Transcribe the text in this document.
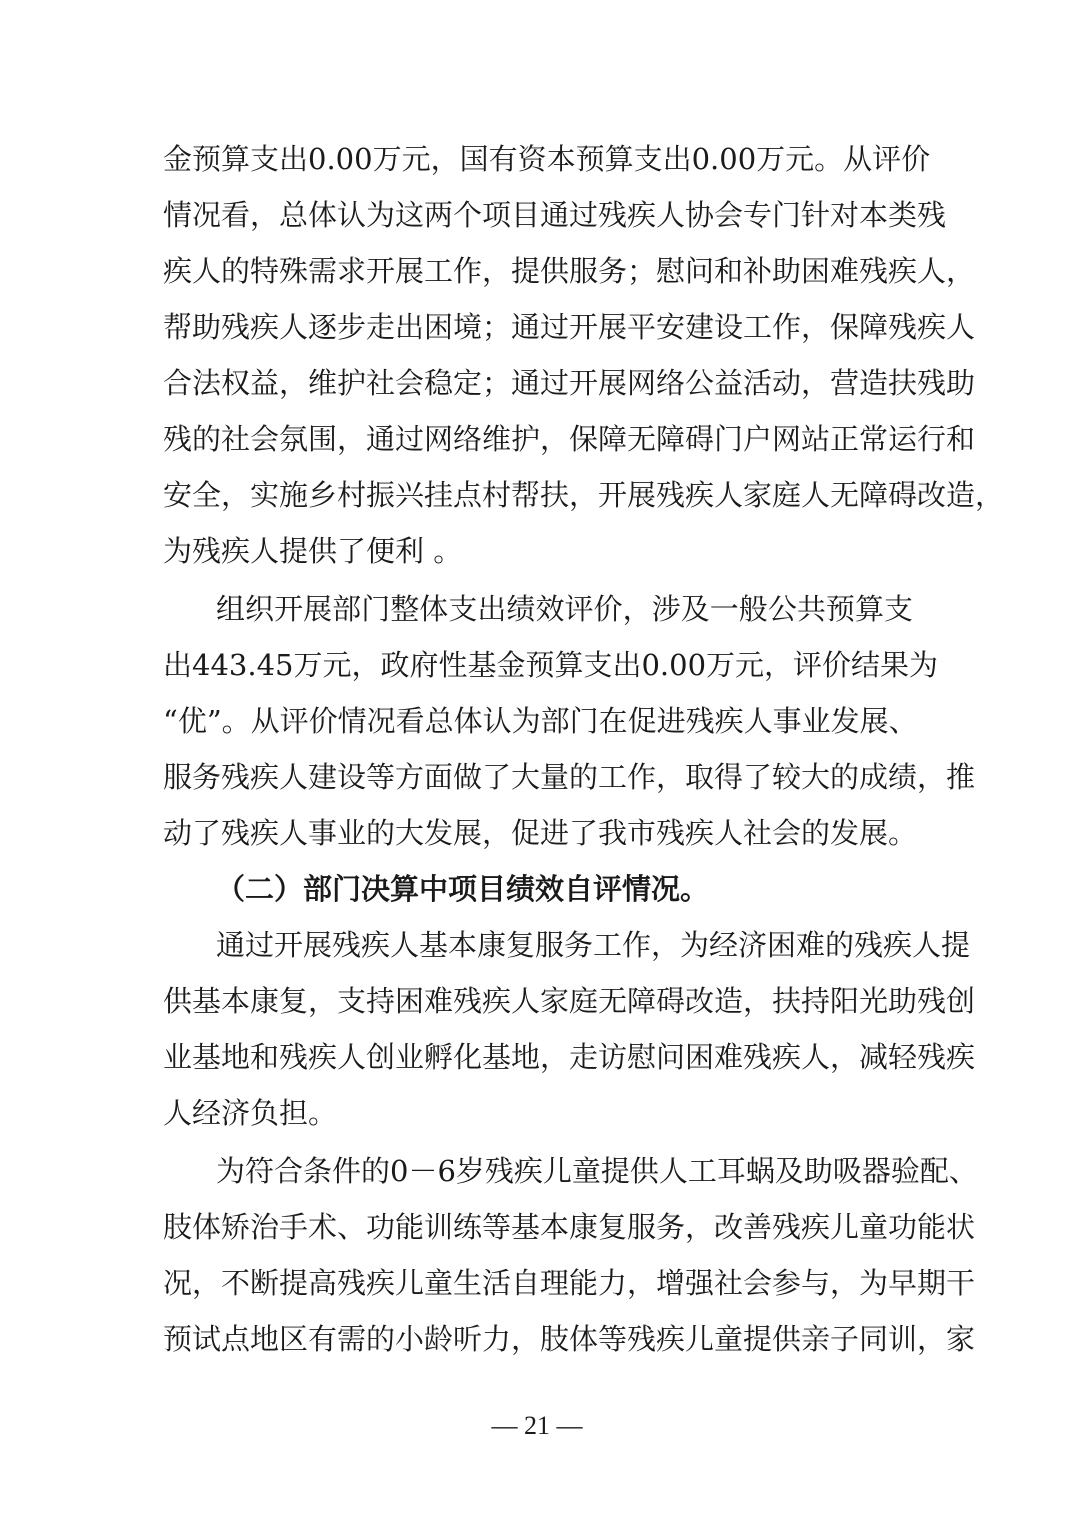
金预算支出0.00万元，国有资本预算支出0.00万元。从评价
情况看，总体认为这两个项目通过残疾人协会专门针对本类残
疾人的特殊需求开展工作，提供服务；慰问和补助困难残疾人，
帮助残疾人逐步走出困境；通过开展平安建设工作，保障残疾人
合法权益，维护社会稳定；通过开展网络公益活动，营造扶残助
残的社会氛围，通过网络维护，保障无障碍门户网站正常运行和
安全，实施乡村振兴挂点村帮扶，开展残疾人家庭人无障碍改造，
为残疾人提供了便利 。
组织开展部门整体支出绩效评价，涉及一般公共预算支
出443.45万元，政府性基金预算支出0.00万元，评价结果为
“优”。从评价情况看总体认为部门在促进残疾人事业发展、
服务残疾人建设等方面做了大量的工作，取得了较大的成绩，推
动了残疾人事业的大发展，促进了我市残疾人社会的发展。
（二）部门决算中项目绩效自评情况。
通过开展残疾人基本康复服务工作，为经济困难的残疾人提
供基本康复，支持困难残疾人家庭无障碍改造，扶持阳光助残创
业基地和残疾人创业孵化基地，走访慰问困难残疾人，减轻残疾
人经济负担。
为符合条件的0－6岁残疾儿童提供人工耳蜗及助吸器验配、
肢体矫治手术、功能训练等基本康复服务，改善残疾儿童功能状
况，不断提高残疾儿童生活自理能力，增强社会参与，为早期干
预试点地区有需的小龄听力，肢体等残疾儿童提供亲子同训，家
— 21 —
